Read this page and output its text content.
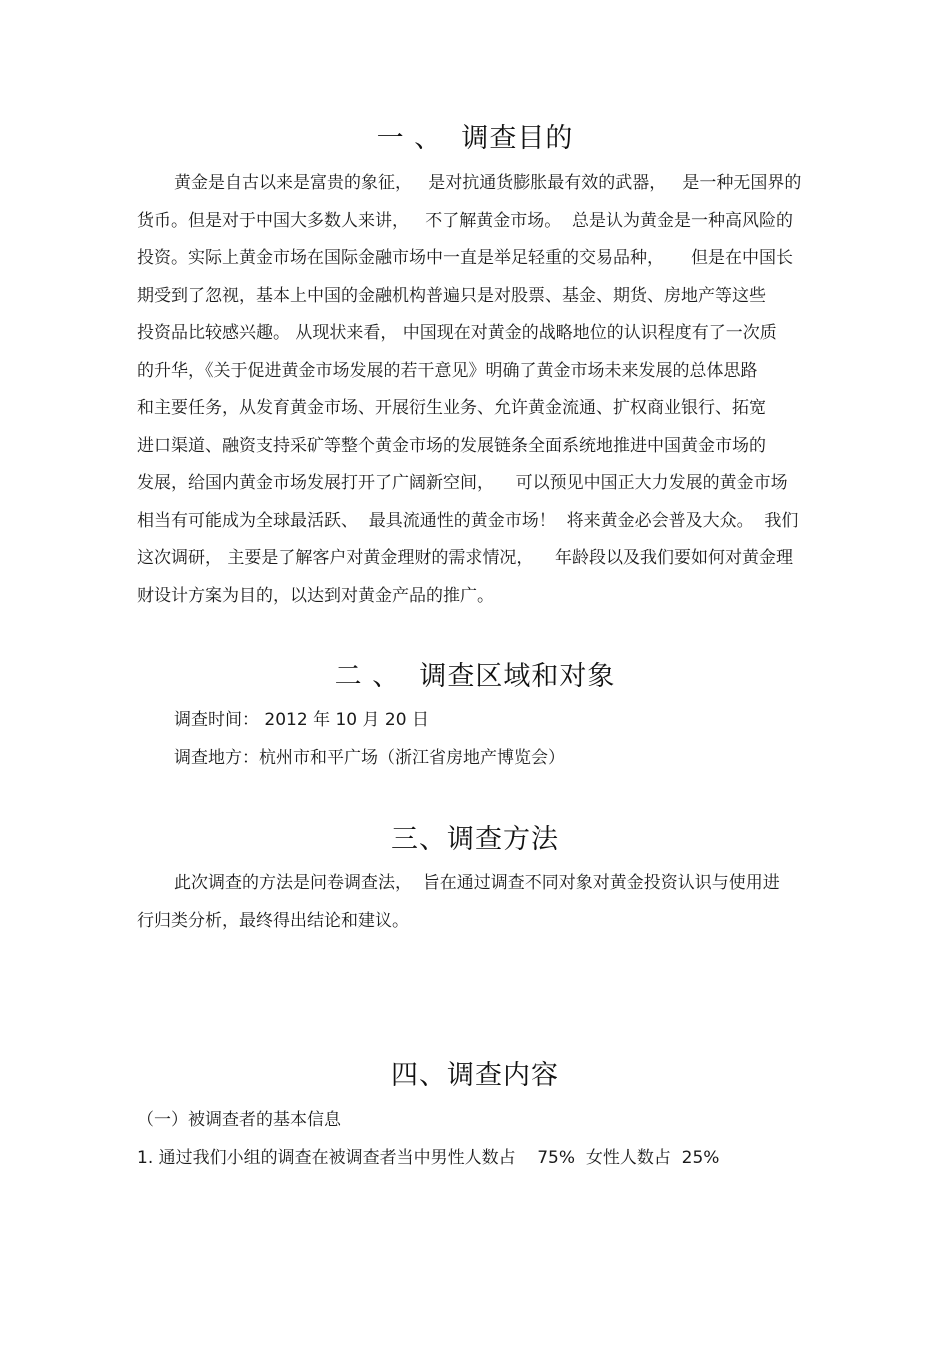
一 、  调查目的
黄金是自古以来是富贵的象征，   是对抗通货膨胀最有效的武器，   是一种无国界的
货币。但是对于中国大多数人来讲，   不了解黄金市场。  总是认为黄金是一种高风险的
投资。实际上黄金市场在国际金融市场中一直是举足轻重的交易品种，     但是在中国长
期受到了忽视，基本上中国的金融机构普遍只是对股票、基金、期货、房地产等这些
投资品比较感兴趣。 从现状来看， 中国现在对黄金的战略地位的认识程度有了一次质
的升华，《关于促进黄金市场发展的若干意见》明确了黄金市场未来发展的总体思路
和主要任务，从发育黄金市场、开展衍生业务、允许黄金流通、扩权商业银行、拓宽
进口渠道、融资支持采矿等整个黄金市场的发展链条全面系统地推进中国黄金市场的
发展，给国内黄金市场发展打开了广阔新空间，    可以预见中国正大力发展的黄金市场
相当有可能成为全球最活跃、  最具流通性的黄金市场！  将来黄金必会普及大众。  我们
这次调研， 主要是了解客户对黄金理财的需求情况，    年龄段以及我们要如何对黄金理
财设计方案为目的，以达到对黄金产品的推广。
二 、  调查区域和对象
调查时间： 2012 年 10 月 20 日
调查地方：杭州市和平广场（浙江省房地产博览会）
三、调查方法
此次调查的方法是问卷调查法，  旨在通过调查不同对象对黄金投资认识与使用进
行归类分析，最终得出结论和建议。
四、调查内容
（一）被调查者的基本信息
1. 通过我们小组的调查在被调查者当中男性人数占    75%  女性人数占  25%
